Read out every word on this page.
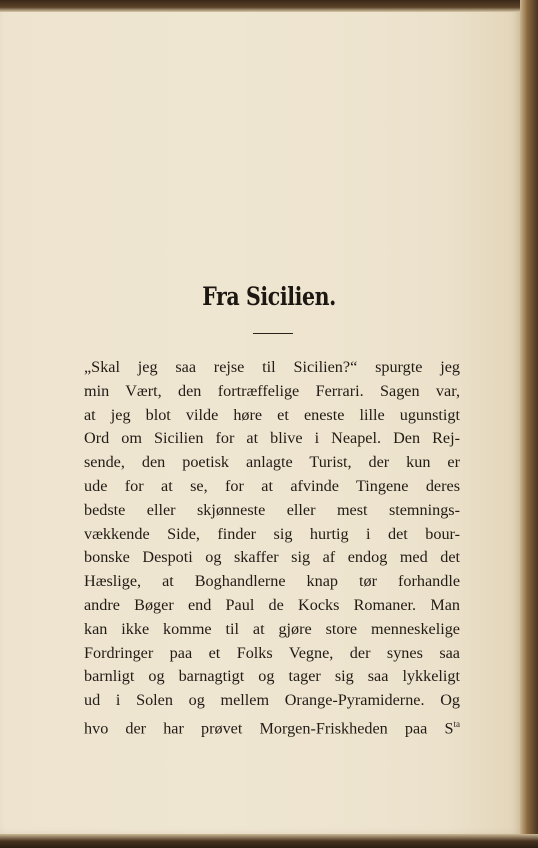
Fra Sicilien.
„Skal jeg saa rejse til Sicilien?“ spurgte jeg
min Vært, den fortræffelige Ferrari. Sagen var,
at jeg blot vilde høre et eneste lille ugunstigt
Ord om Sicilien for at blive i Neapel. Den Rej-
sende, den poetisk anlagte Turist, der kun er
ude for at se, for at afvinde Tingene deres
bedste eller skjønneste eller mest stemnings-
vækkende Side, finder sig hurtig i det bour-
bonske Despoti og skaffer sig af endog med det
Hæslige, at Boghandlerne knap tør forhandle
andre Bøger end Paul de Kocks Romaner. Man
kan ikke komme til at gjøre store menneskelige
Fordringer paa et Folks Vegne, der synes saa
barnligt og barnagtigt og tager sig saa lykkeligt
ud i Solen og mellem Orange-Pyramiderne. Og
hvo der har prøvet Morgen-Friskheden paa $S^{ta}$
